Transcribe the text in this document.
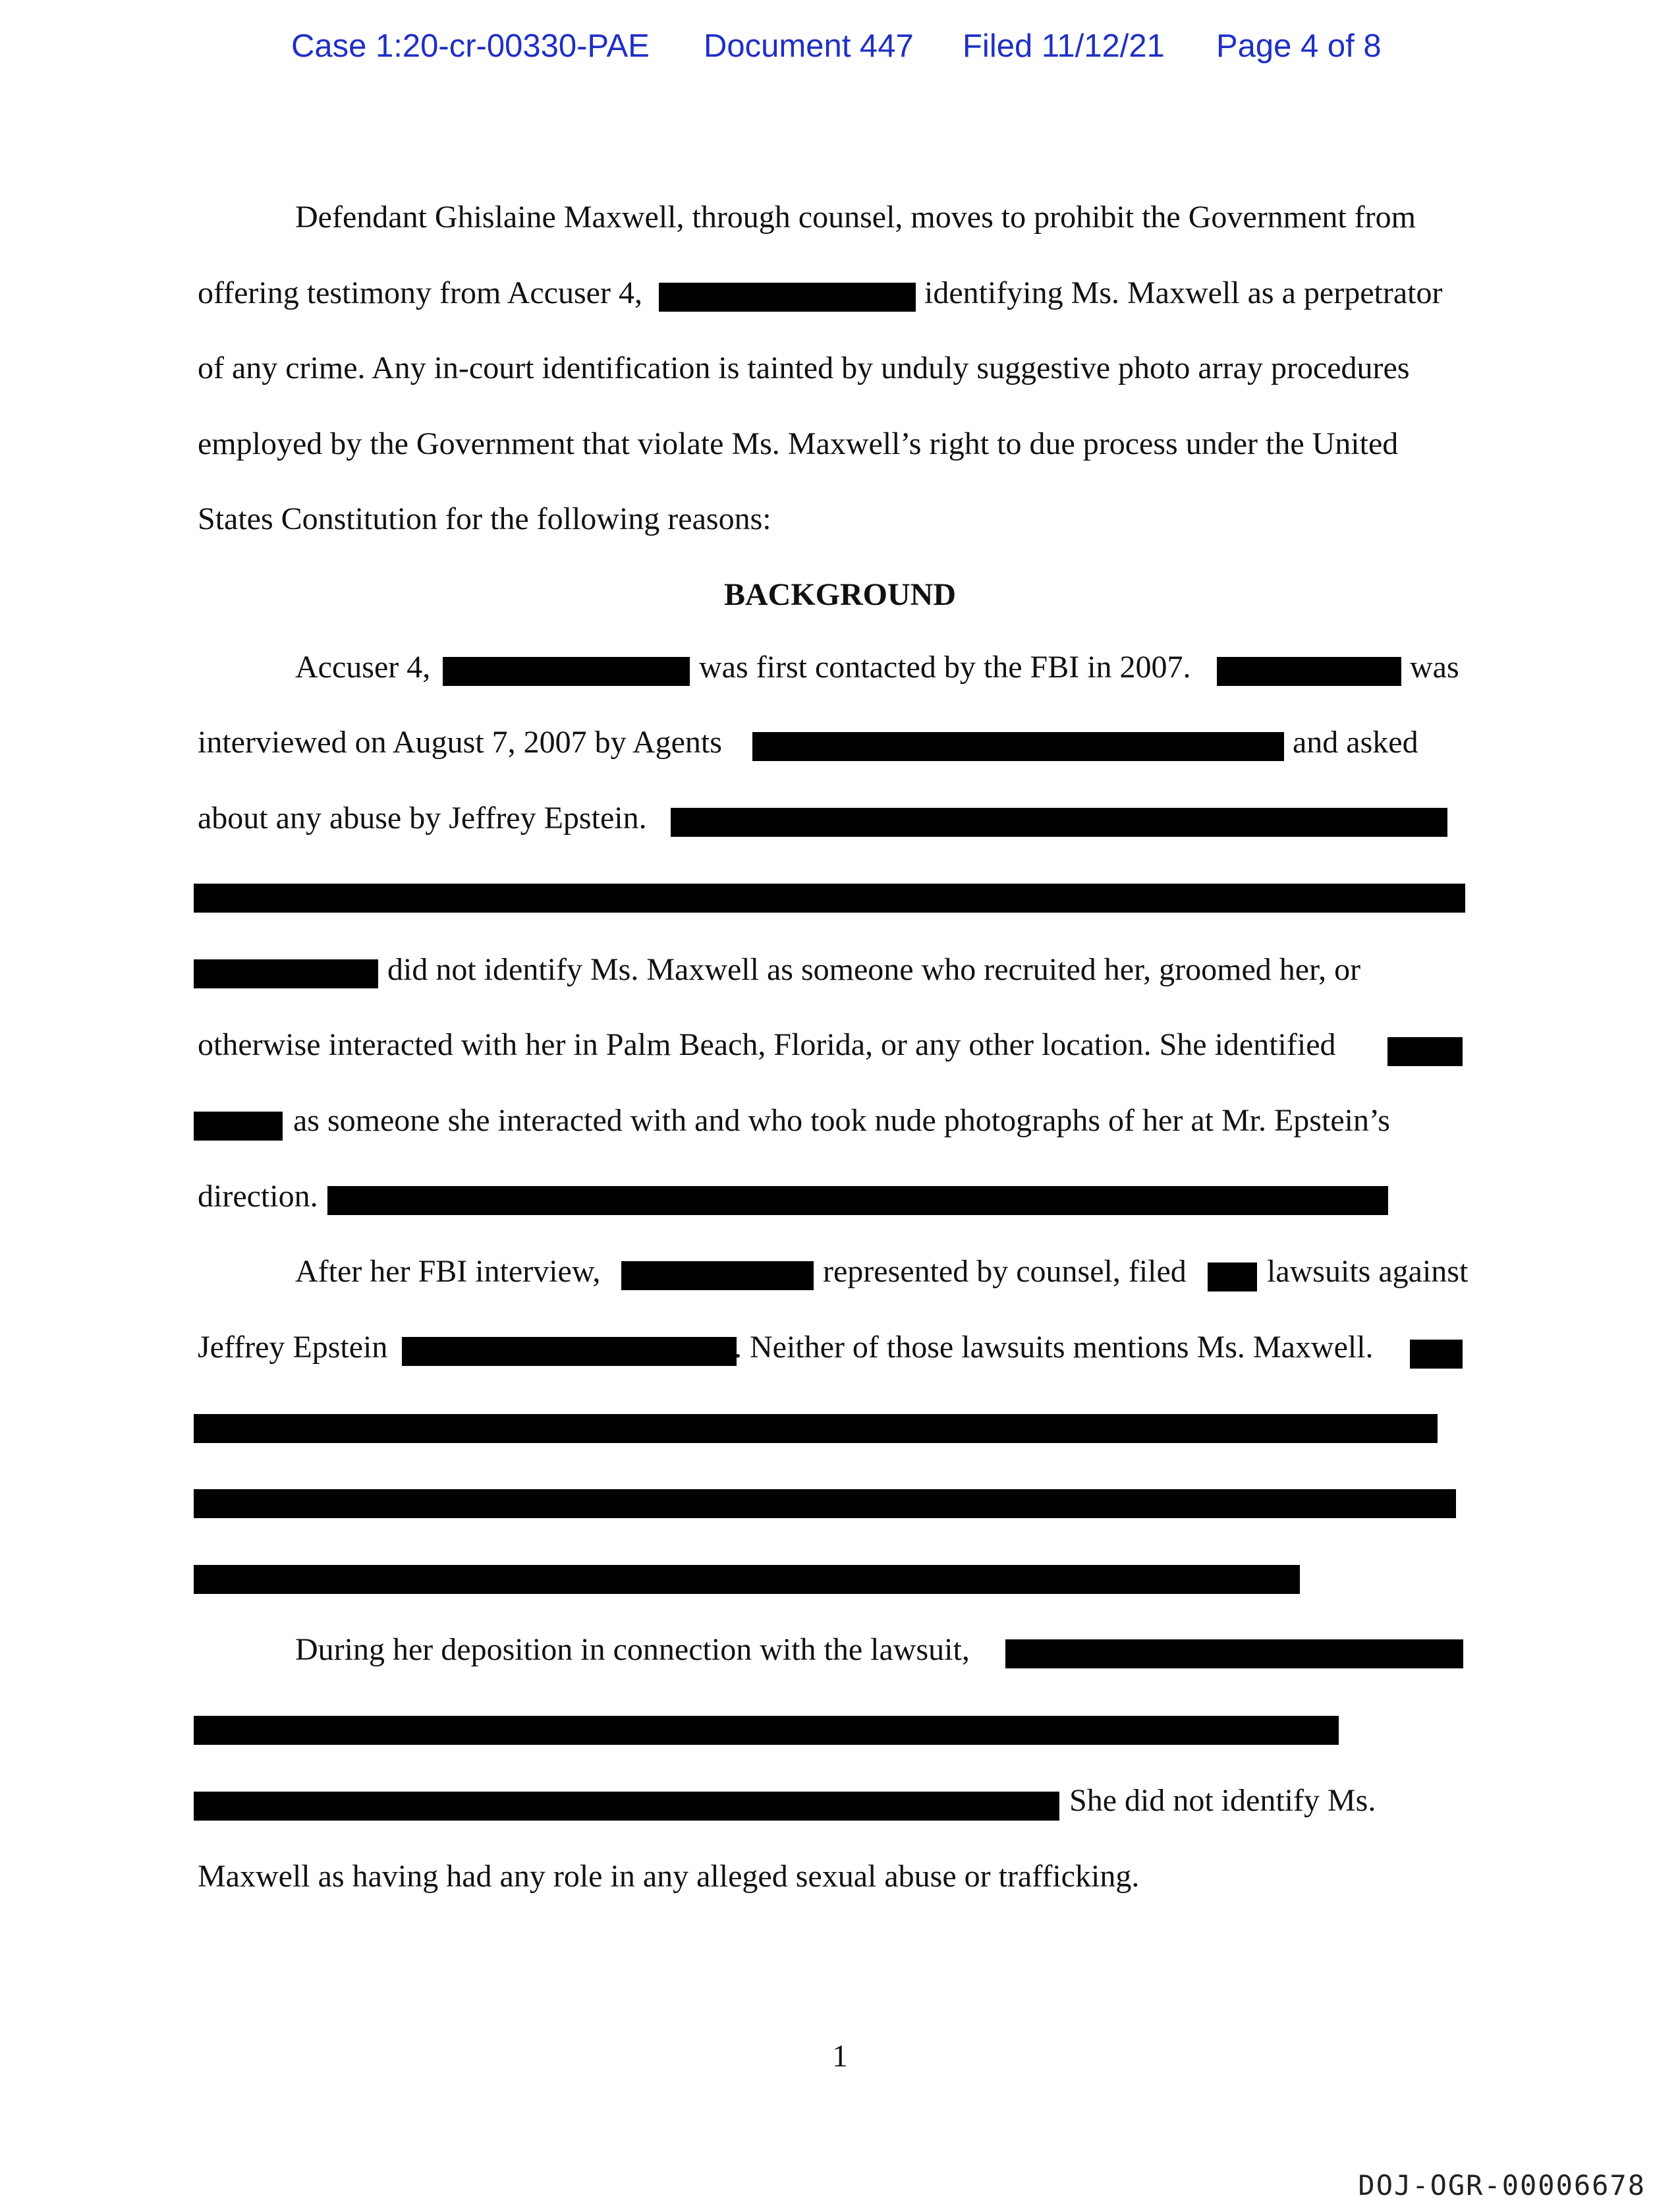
Case 1:20-cr-00330-PAE Document 447 Filed 11/12/21 Page 4 of 8
Defendant Ghislaine Maxwell, through counsel, moves to prohibit the Government from
offering testimony from Accuser 4,	identifying Ms. Maxwell as a perpetrator
of any crime. Any in-court identification is tainted by unduly suggestive photo array procedures
employed by the Government that violate Ms. Maxwell’s right to due process under the United
States Constitution for the following reasons:
BACKGROUND
Accuser 4,	was first contacted by the FBI in 2007.	was
interviewed on August 7, 2007 by Agents	and asked
about any abuse by Jeffrey Epstein.
did not identify Ms. Maxwell as someone who recruited her, groomed her, or
otherwise interacted with her in Palm Beach, Florida, or any other location. She identified
as someone she interacted with and who took nude photographs of her at Mr. Epstein’s
direction.
After her FBI interview,	represented by counsel, filed	lawsuits against
Jeffrey Epstein	. Neither of those lawsuits mentions Ms. Maxwell.
During her deposition in connection with the lawsuit,
She did not identify Ms.
Maxwell as having had any role in any alleged sexual abuse or trafficking.
1
DOJ-OGR-00006678
